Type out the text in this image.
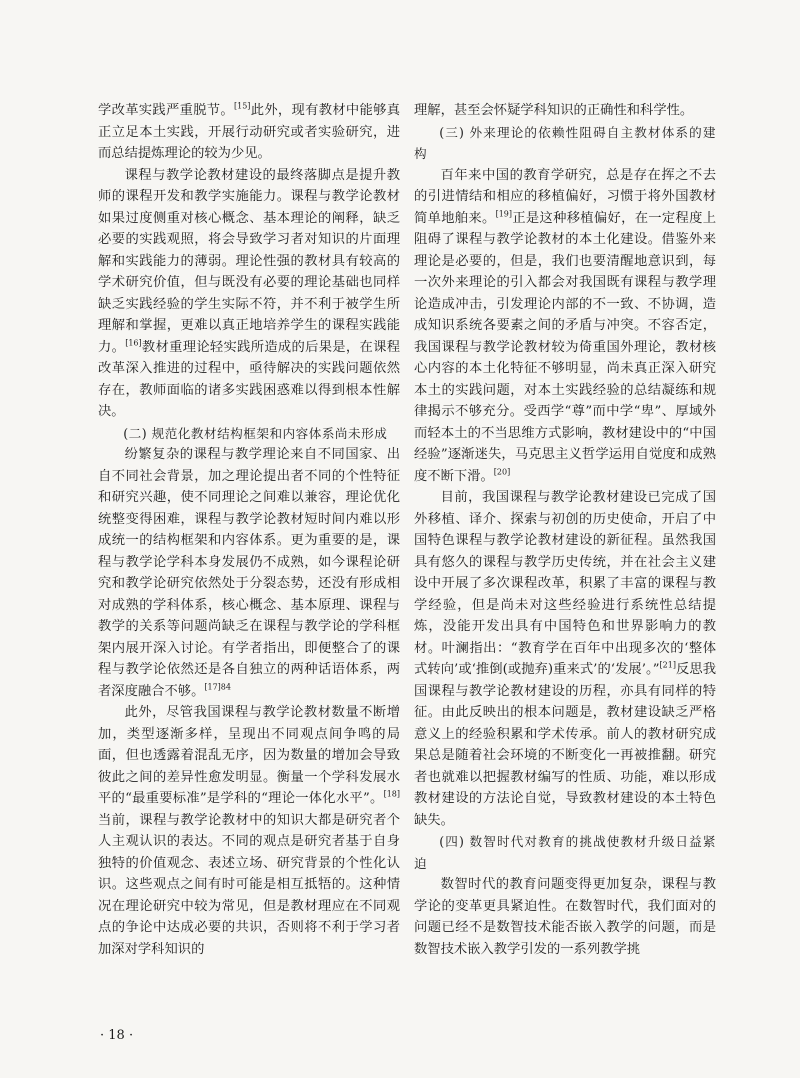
学改革实践严重脱节。[15]此外，现有教材中能够真正立足本土实践，开展行动研究或者实验研究，进而总结提炼理论的较为少见。

课程与教学论教材建设的最终落脚点是提升教师的课程开发和教学实施能力。课程与教学论教材如果过度侧重对核心概念、基本理论的阐释，缺乏必要的实践观照，将会导致学习者对知识的片面理解和实践能力的薄弱。理论性强的教材具有较高的学术研究价值，但与既没有必要的理论基础也同样缺乏实践经验的学生实际不符，并不利于被学生所理解和掌握，更难以真正地培养学生的课程实践能力。[16]教材重理论轻实践所造成的后果是，在课程改革深入推进的过程中，亟待解决的实践问题依然存在，教师面临的诸多实践困惑难以得到根本性解决。

(二) 规范化教材结构框架和内容体系尚未形成

纷繁复杂的课程与教学理论来自不同国家、出自不同社会背景，加之理论提出者不同的个性特征和研究兴趣，使不同理论之间难以兼容，理论优化统整变得困难，课程与教学论教材短时间内难以形成统一的结构框架和内容体系。更为重要的是，课程与教学论学科本身发展仍不成熟，如今课程论研究和教学论研究依然处于分裂态势，还没有形成相对成熟的学科体系，核心概念、基本原理、课程与教学的关系等问题尚缺乏在课程与教学论的学科框架内展开深入讨论。有学者指出，即便整合了的课程与教学论依然还是各自独立的两种话语体系，两者深度融合不够。$^{[17]84}$

此外，尽管我国课程与教学论教材数量不断增加，类型逐渐多样，呈现出不同观点间争鸣的局面，但也透露着混乱无序，因为数量的增加会导致彼此之间的差异性愈发明显。衡量一个学科发展水平的“最重要标准”是学科的“理论一体化水平”。[18]当前，课程与教学论教材中的知识大都是研究者个人主观认识的表达。不同的观点是研究者基于自身独特的价值观念、表述立场、研究背景的个性化认识。这些观点之间有时可能是相互抵牾的。这种情况在理论研究中较为常见，但是教材理应在不同观点的争论中达成必要的共识，否则将不利于学习者加深对学科知识的

理解，甚至会怀疑学科知识的正确性和科学性。

(三) 外来理论的依赖性阻碍自主教材体系的建构

百年来中国的教育学研究，总是存在挥之不去的引进情结和相应的移植偏好，习惯于将外国教材简单地舶来。[19]正是这种移植偏好，在一定程度上阻碍了课程与教学论教材的本土化建设。借鉴外来理论是必要的，但是，我们也要清醒地意识到，每一次外来理论的引入都会对我国既有课程与教学理论造成冲击，引发理论内部的不一致、不协调，造成知识系统各要素之间的矛盾与冲突。不容否定，我国课程与教学论教材较为倚重国外理论，教材核心内容的本土化特征不够明显，尚未真正深入研究本土的实践问题，对本土实践经验的总结凝练和规律揭示不够充分。受西学“尊”而中学“卑”、厚域外而轻本土的不当思维方式影响，教材建设中的“中国经验”逐渐迷失，马克思主义哲学运用自觉度和成熟度不断下滑。[20]

目前，我国课程与教学论教材建设已完成了国外移植、译介、探索与初创的历史使命，开启了中国特色课程与教学论教材建设的新征程。虽然我国具有悠久的课程与教学历史传统，并在社会主义建设中开展了多次课程改革，积累了丰富的课程与教学经验，但是尚未对这些经验进行系统性总结提炼，没能开发出具有中国特色和世界影响力的教材。叶澜指出：“教育学在百年中出现多次的‘整体式转向’或‘推倒(或抛弃)重来式’的‘发展’。”[21]反思我国课程与教学论教材建设的历程，亦具有同样的特征。由此反映出的根本问题是，教材建设缺乏严格意义上的经验积累和学术传承。前人的教材研究成果总是随着社会环境的不断变化一再被推翻。研究者也就难以把握教材编写的性质、功能，难以形成教材建设的方法论自觉，导致教材建设的本土特色缺失。

(四) 数智时代对教育的挑战使教材升级日益紧迫

数智时代的教育问题变得更加复杂，课程与教学论的变革更具紧迫性。在数智时代，我们面对的问题已经不是数智技术能否嵌入教学的问题，而是数智技术嵌入教学引发的一系列教学挑

· 18 ·
